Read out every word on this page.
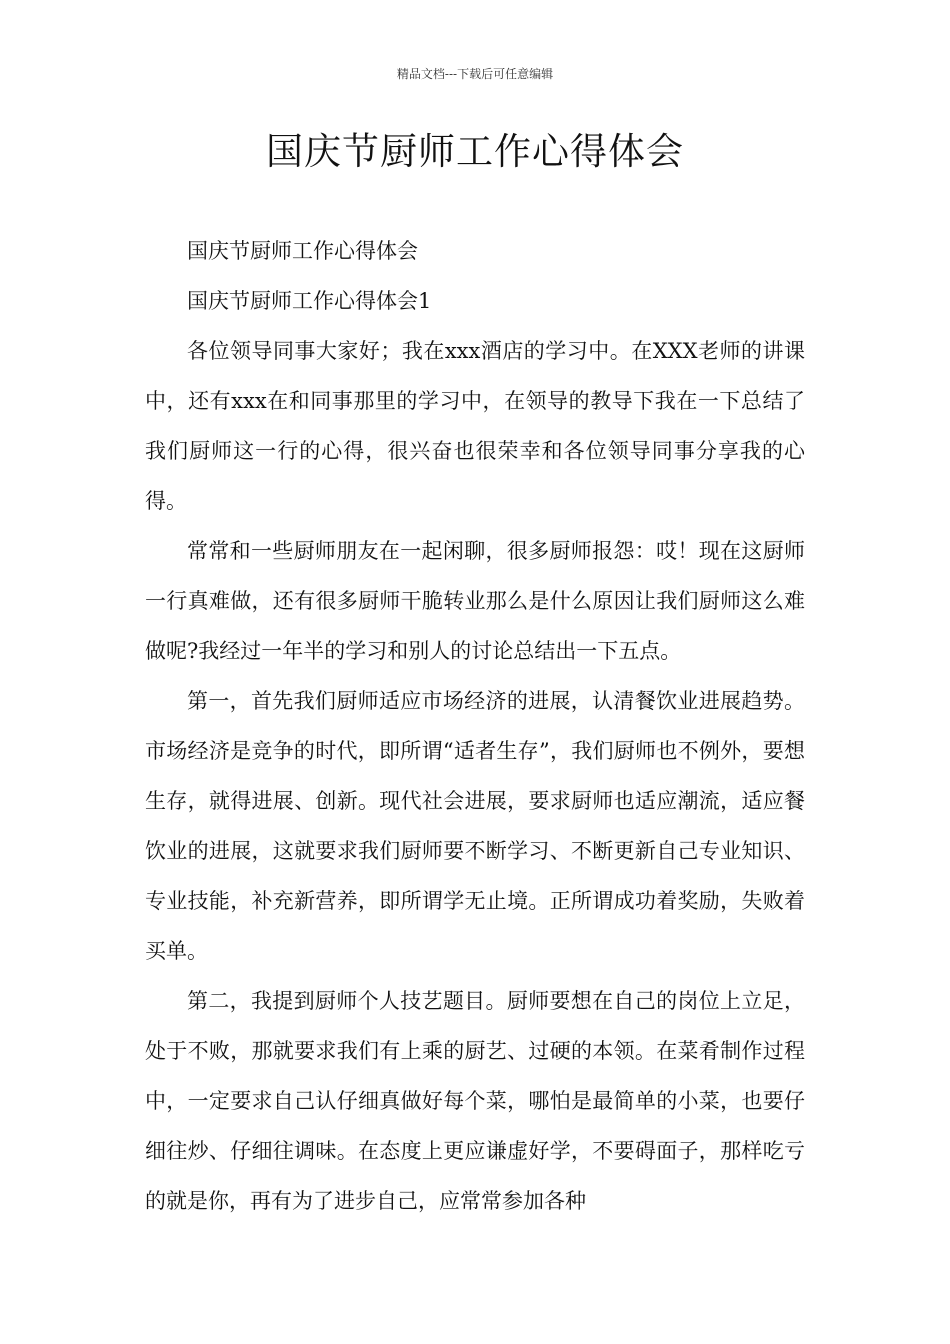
精品文档---下载后可任意编辑
国庆节厨师工作心得体会

国庆节厨师工作心得体会

国庆节厨师工作心得体会1

各位领导同事大家好；我在xxx酒店的学习中。在XXX老师的讲课中，还有xxx在和同事那里的学习中，在领导的教导下我在一下总结了我们厨师这一行的心得，很兴奋也很荣幸和各位领导同事分享我的心得。

常常和一些厨师朋友在一起闲聊，很多厨师报怨：哎！现在这厨师一行真难做，还有很多厨师干脆转业那么是什么原因让我们厨师这么难做呢?我经过一年半的学习和别人的讨论总结出一下五点。

第一，首先我们厨师适应市场经济的进展，认清餐饮业进展趋势。市场经济是竞争的时代，即所谓“适者生存”，我们厨师也不例外，要想生存，就得进展、创新。现代社会进展，要求厨师也适应潮流，适应餐饮业的进展，这就要求我们厨师要不断学习、不断更新自己专业知识、专业技能，补充新营养，即所谓学无止境。正所谓成功着奖励，失败着买单。

第二，我提到厨师个人技艺题目。厨师要想在自己的岗位上立足，处于不败，那就要求我们有上乘的厨艺、过硬的本领。在菜肴制作过程中，一定要求自己认仔细真做好每个菜，哪怕是最简单的小菜，也要仔细往炒、仔细往调味。在态度上更应谦虚好学，不要碍面子，那样吃亏的就是你，再有为了进步自己，应常常参加各种
